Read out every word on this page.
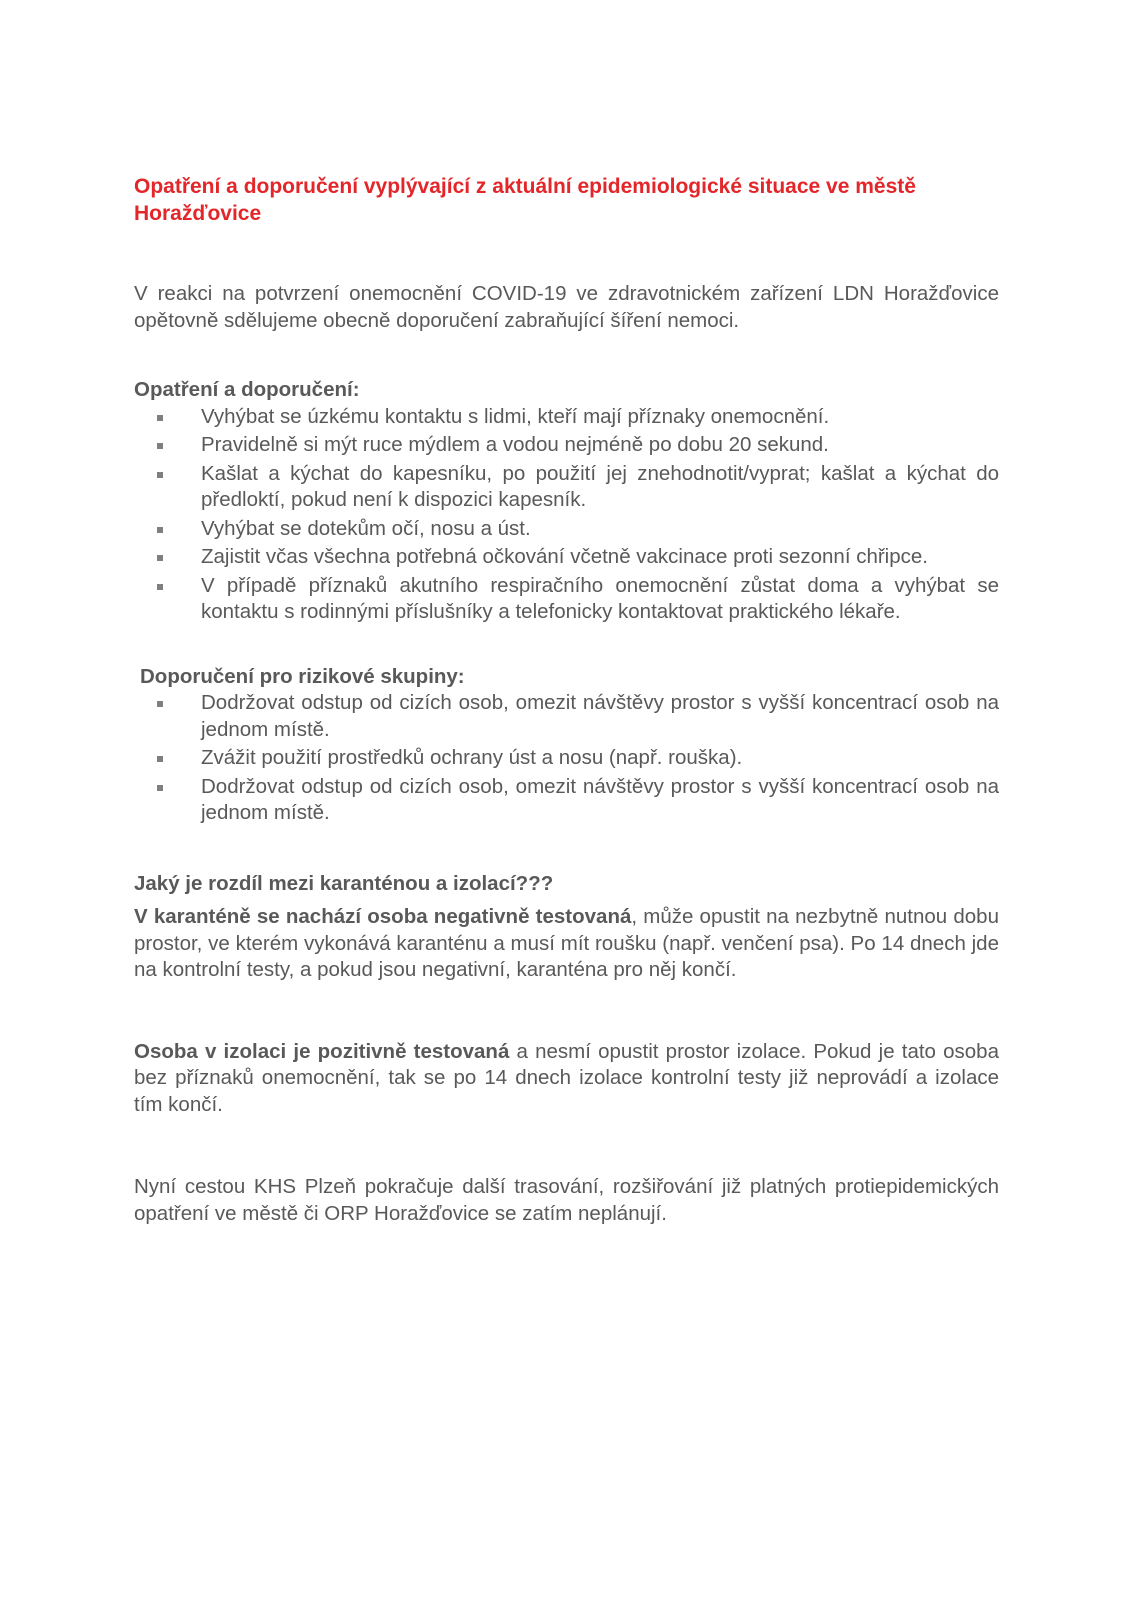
Opatření a doporučení vyplývající z aktuální epidemiologické situace ve městě Horažďovice

V reakci na potvrzení onemocnění COVID-19 ve zdravotnickém zařízení LDN Horažďovice opětovně sdělujeme obecně doporučení zabraňující šíření nemoci.

Opatření a doporučení:

Vyhýbat se úzkému kontaktu s lidmi, kteří mají příznaky onemocnění.
Pravidelně si mýt ruce mýdlem a vodou nejméně po dobu 20 sekund.
Kašlat a kýchat do kapesníku, po použití jej znehodnotit/vyprat; kašlat a kýchat do předloktí, pokud není k dispozici kapesník.
Vyhýbat se dotekům očí, nosu a úst.
Zajistit včas všechna potřebná očkování včetně vakcinace proti sezonní chřipce.
V případě příznaků akutního respiračního onemocnění zůstat doma a vyhýbat se kontaktu s rodinnými příslušníky a telefonicky kontaktovat praktického lékaře.

Doporučení pro rizikové skupiny:

Dodržovat odstup od cizích osob, omezit návštěvy prostor s vyšší koncentrací osob na jednom místě.
Zvážit použití prostředků ochrany úst a nosu (např. rouška).
Dodržovat odstup od cizích osob, omezit návštěvy prostor s vyšší koncentrací osob na jednom místě.

Jaký je rozdíl mezi karanténou a izolací???

V karanténě se nachází osoba negativně testovaná, může opustit na nezbytně nutnou dobu prostor, ve kterém vykonává karanténu a musí mít roušku (např. venčení psa). Po 14 dnech jde na kontrolní testy, a pokud jsou negativní, karanténa pro něj končí.

Osoba v izolaci je pozitivně testovaná a nesmí opustit prostor izolace. Pokud je tato osoba bez příznaků onemocnění, tak se po 14 dnech izolace kontrolní testy již neprovádí a izolace tím končí.

Nyní cestou KHS Plzeň pokračuje další trasování, rozšiřování již platných protiepidemických opatření ve městě či ORP Horažďovice se zatím neplánují.
